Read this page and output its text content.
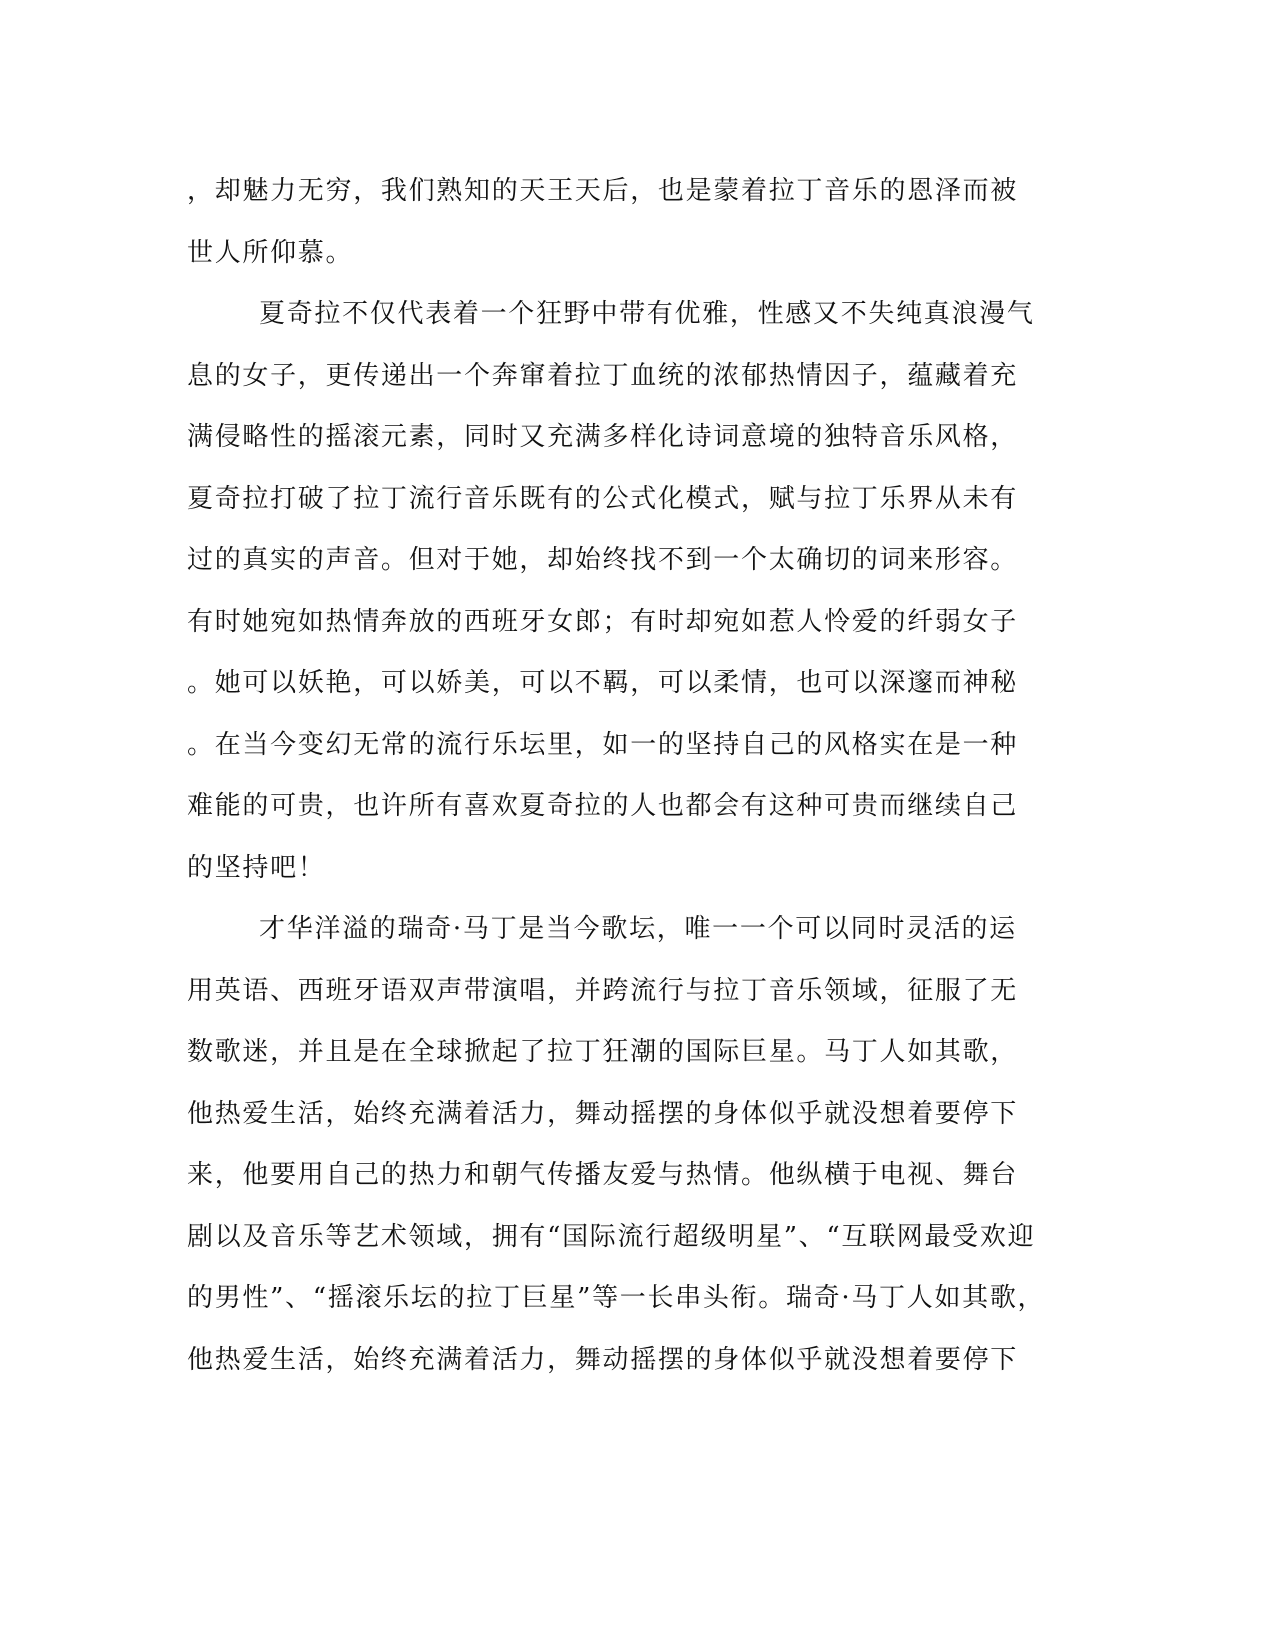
，却魅力无穷，我们熟知的天王天后，也是蒙着拉丁音乐的恩泽而被
世人所仰慕。
夏奇拉不仅代表着一个狂野中带有优雅，性感又不失纯真浪漫气
息的女子，更传递出一个奔窜着拉丁血统的浓郁热情因子，蕴藏着充
满侵略性的摇滚元素，同时又充满多样化诗词意境的独特音乐风格，
夏奇拉打破了拉丁流行音乐既有的公式化模式，赋与拉丁乐界从未有
过的真实的声音。但对于她，却始终找不到一个太确切的词来形容。
有时她宛如热情奔放的西班牙女郎；有时却宛如惹人怜爱的纤弱女子
。她可以妖艳，可以娇美，可以不羁，可以柔情，也可以深邃而神秘
。在当今变幻无常的流行乐坛里，如一的坚持自己的风格实在是一种
难能的可贵，也许所有喜欢夏奇拉的人也都会有这种可贵而继续自己
的坚持吧！
才华洋溢的瑞奇·马丁是当今歌坛，唯一一个可以同时灵活的运
用英语、西班牙语双声带演唱，并跨流行与拉丁音乐领域，征服了无
数歌迷，并且是在全球掀起了拉丁狂潮的国际巨星。马丁人如其歌，
他热爱生活，始终充满着活力，舞动摇摆的身体似乎就没想着要停下
来，他要用自己的热力和朝气传播友爱与热情。他纵横于电视、舞台
剧以及音乐等艺术领域，拥有“国际流行超级明星”、“互联网最受欢迎
的男性”、“摇滚乐坛的拉丁巨星”等一长串头衔。瑞奇·马丁人如其歌，
他热爱生活，始终充满着活力，舞动摇摆的身体似乎就没想着要停下
